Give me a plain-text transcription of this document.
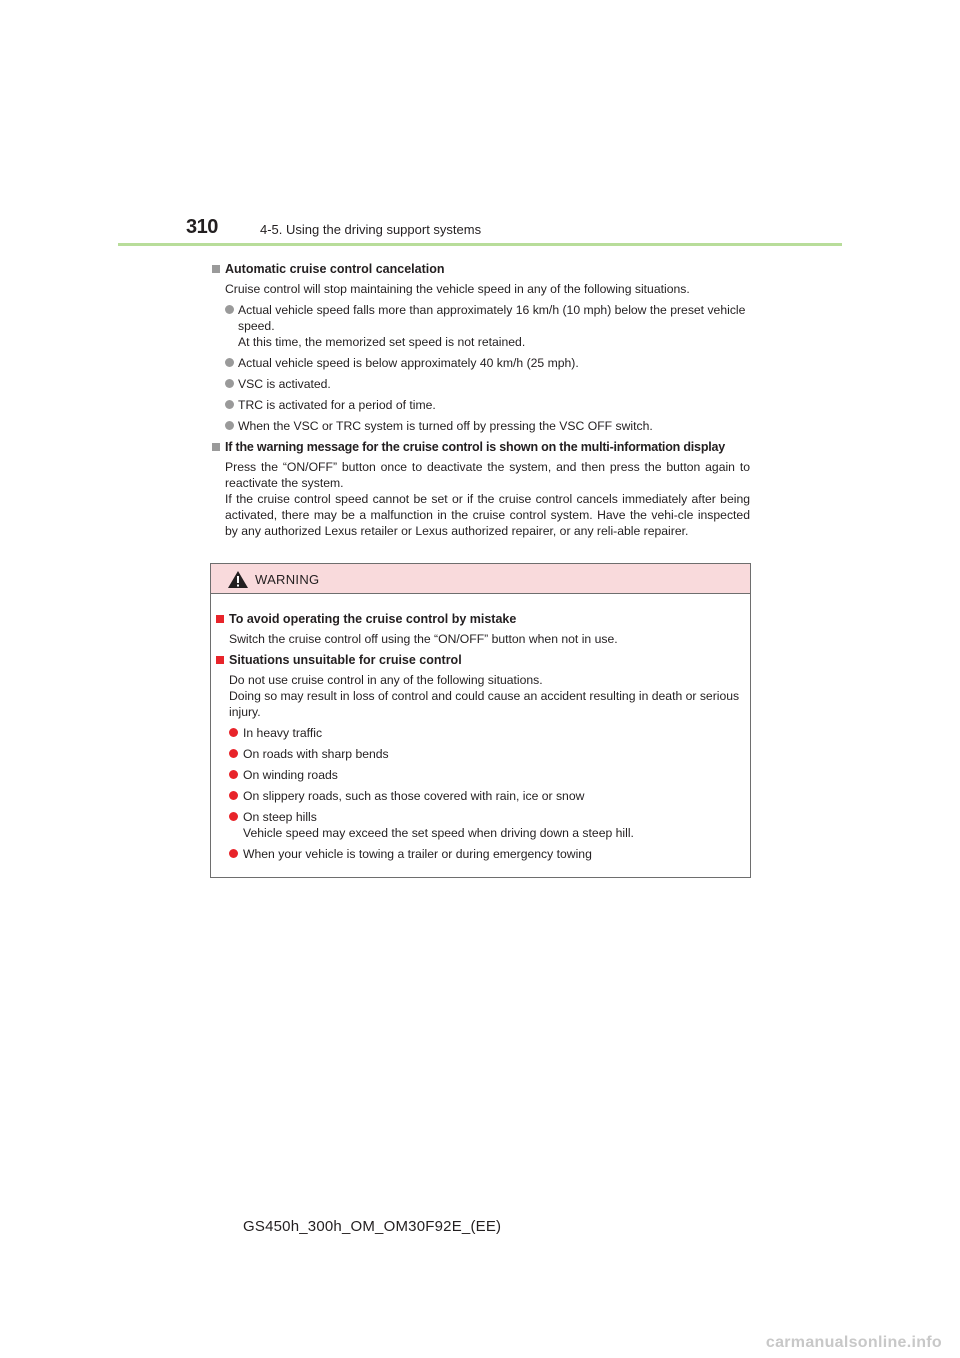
310	4-5. Using the driving support systems
Automatic cruise control cancelation
Cruise control will stop maintaining the vehicle speed in any of the following situations.
Actual vehicle speed falls more than approximately 16 km/h (10 mph) below the preset vehicle speed.
At this time, the memorized set speed is not retained.
Actual vehicle speed is below approximately 40 km/h (25 mph).
VSC is activated.
TRC is activated for a period of time.
When the VSC or TRC system is turned off by pressing the VSC OFF switch.
If the warning message for the cruise control is shown on the multi-information display
Press the “ON/OFF” button once to deactivate the system, and then press the button again to reactivate the system.
If the cruise control speed cannot be set or if the cruise control cancels immediately after being activated, there may be a malfunction in the cruise control system. Have the vehi-cle inspected by any authorized Lexus retailer or Lexus authorized repairer, or any reli-able repairer.
WARNING
To avoid operating the cruise control by mistake
Switch the cruise control off using the “ON/OFF” button when not in use.
Situations unsuitable for cruise control
Do not use cruise control in any of the following situations.
Doing so may result in loss of control and could cause an accident resulting in death or serious injury.
In heavy traffic
On roads with sharp bends
On winding roads
On slippery roads, such as those covered with rain, ice or snow
On steep hills
Vehicle speed may exceed the set speed when driving down a steep hill.
When your vehicle is towing a trailer or during emergency towing
GS450h_300h_OM_OM30F92E_(EE)
carmanualsonline.info
